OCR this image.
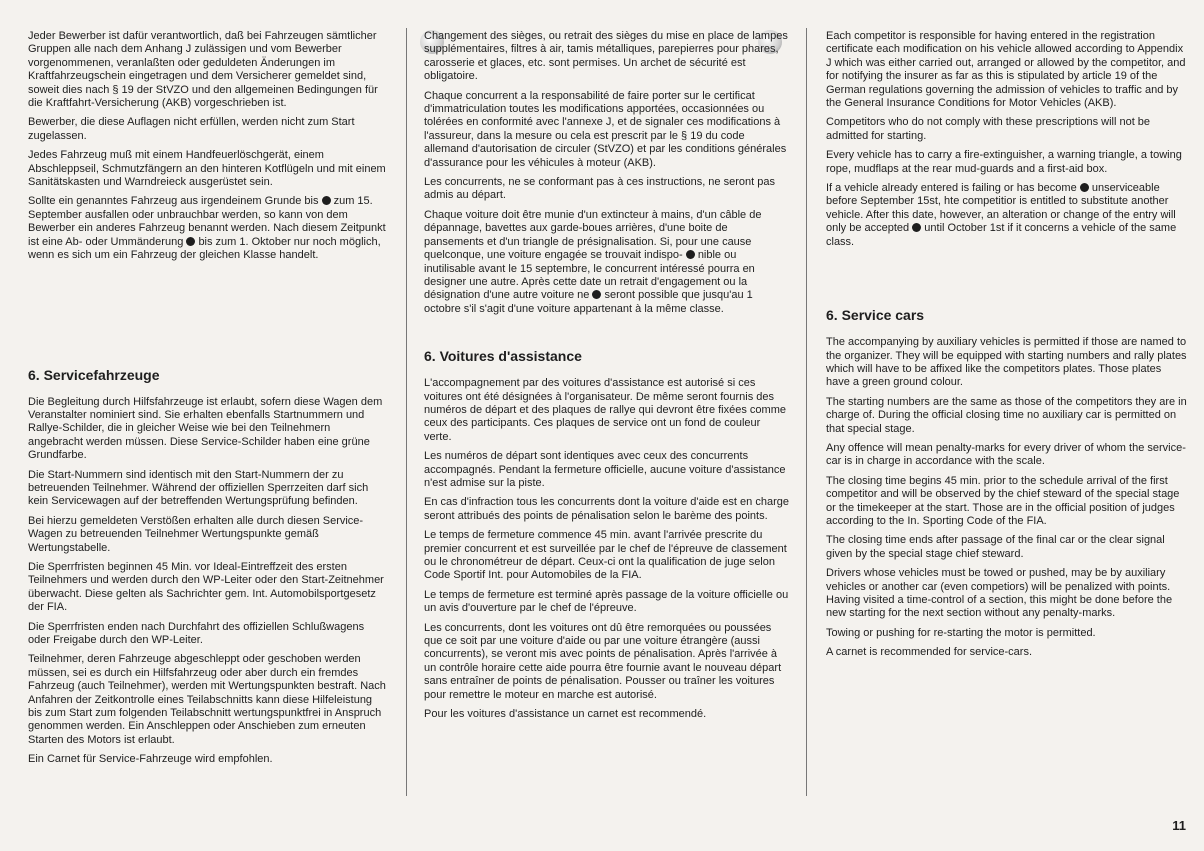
Jeder Bewerber ist dafür verantwortlich, daß bei Fahrzeugen sämtlicher Gruppen alle nach dem Anhang J zulässigen und vom Bewerber vorgenommenen, veranlaßten oder geduldeten Änderungen im Kraftfahrzeugschein eingetragen und dem Versicherer gemeldet sind, soweit dies nach § 19 der StVZO und den allgemeinen Bedingungen für die Kraftfahrt-Versicherung (AKB) vorgeschrieben ist.

Bewerber, die diese Auflagen nicht erfüllen, werden nicht zum Start zugelassen.

Jedes Fahrzeug muß mit einem Handfeuerlöschgerät, einem Abschleppseil, Schmutzfängern an den hinteren Kotflügeln und mit einem Sanitätskasten und Warndreieck ausgerüstet sein.

Sollte ein genanntes Fahrzeug aus irgendeinem Grunde bis zum 15. September ausfallen oder unbrauchbar werden, so kann von dem Bewerber ein anderes Fahrzeug benannt werden. Nach diesem Zeitpunkt ist eine Ab- oder Ummänderung bis zum 1. Oktober nur noch möglich, wenn es sich um ein Fahrzeug der gleichen Klasse handelt.

6. Servicefahrzeuge

Die Begleitung durch Hilfsfahrzeuge ist erlaubt, sofern diese Wagen dem Veranstalter nominiert sind. Sie erhalten ebenfalls Startnummern und Rallye-Schilder, die in gleicher Weise wie bei den Teilnehmern angebracht werden müssen. Diese Service-Schilder haben eine grüne Grundfarbe.

Die Start-Nummern sind identisch mit den Start-Nummern der zu betreuenden Teilnehmer. Während der offiziellen Sperrzeiten darf sich kein Servicewagen auf der betreffenden Wertungsprüfung befinden.

Bei hierzu gemeldeten Verstößen erhalten alle durch diesen Service-Wagen zu betreuenden Teilnehmer Wertungspunkte gemäß Wertungstabelle.

Die Sperrfristen beginnen 45 Min. vor Ideal-Eintreffzeit des ersten Teilnehmers und werden durch den WP-Leiter oder den Start-Zeitnehmer überwacht. Diese gelten als Sachrichter gem. Int. Automobilsportgesetz der FIA.

Die Sperrfristen enden nach Durchfahrt des offiziellen Schlußwagens oder Freigabe durch den WP-Leiter.

Teilnehmer, deren Fahrzeuge abgeschleppt oder geschoben werden müssen, sei es durch ein Hilfsfahrzeug oder aber durch ein fremdes Fahrzeug (auch Teilnehmer), werden mit Wertungspunkten bestraft. Nach Anfahren der Zeitkontrolle eines Teilabschnitts kann diese Hilfeleistung bis zum Start zum folgenden Teilabschnitt wertungspunktfrei in Anspruch genommen werden. Ein Anschleppen oder Anschieben zum erneuten Starten des Motors ist erlaubt.

Ein Carnet für Service-Fahrzeuge wird empfohlen.

Changement des sièges, ou retrait des sièges du mise en place de lampes supplémentaires, filtres à air, tamis métalliques, parepierres pour phares, carosserie et glaces, etc. sont permises. Un archet de sécurité est obligatoire.

Chaque concurrent a la responsabilité de faire porter sur le certificat d'immatriculation toutes les modifications apportées, occasionnées ou tolérées en conformité avec l'annexe J, et de signaler ces modifications à l'assureur, dans la mesure ou cela est prescrit par le § 19 du code allemand d'autorisation de circuler (StVZO) et par les conditions générales d'assurance pour les véhicules à moteur (AKB).

Les concurrents, ne se conformant pas à ces instructions, ne seront pas admis au départ.

Chaque voiture doit être munie d'un extincteur à mains, d'un câble de dépannage, bavettes aux garde-boues arrières, d'une boite de pansements et d'un triangle de présignalisation. Si, pour une cause quelconque, une voiture engagée se trouvait indispo- nible ou inutilisable avant le 15 septembre, le concurrent intéressé pourra en designer une autre. Après cette date un retrait d'engagement ou la désignation d'une autre voiture ne seront possible que jusqu'au 1 octobre s'il s'agit d'une voiture appartenant à la même classe.

6. Voitures d'assistance

L'accompagnement par des voitures d'assistance est autorisé si ces voitures ont été désignées à l'organisateur. De même seront fournis des numéros de départ et des plaques de rallye qui devront être fixées comme ceux des participants. Ces plaques de service ont un fond de couleur verte.

Les numéros de départ sont identiques avec ceux des concurrents accompagnés. Pendant la fermeture officielle, aucune voiture d'assistance n'est admise sur la piste.

En cas d'infraction tous les concurrents dont la voiture d'aide est en charge seront attribués des points de pénalisation selon le barème des points.

Le temps de fermeture commence 45 min. avant l'arrivée prescrite du premier concurrent et est surveillée par le chef de l'épreuve de classement ou le chronométreur de départ. Ceux-ci ont la qualification de juge selon Code Sportif Int. pour Automobiles de la FIA.

Le temps de fermeture est terminé après passage de la voiture officielle ou un avis d'ouverture par le chef de l'épreuve.

Les concurrents, dont les voitures ont dû être remorquées ou poussées que ce soit par une voiture d'aide ou par une voiture étrangère (aussi concurrents), se veront mis avec points de pénalisation. Après l'arrivée à un contrôle horaire cette aide pourra être fournie avant le nouveau départ sans entraîner de points de pénalisation. Pousser ou traîner les voitures pour remettre le moteur en marche est autorisé.

Pour les voitures d'assistance un carnet est recommendé.

Each competitor is responsible for having entered in the registration certificate each modification on his vehicle allowed according to Appendix J which was either carried out, arranged or allowed by the competitor, and for notifying the insurer as far as this is stipulated by article 19 of the German regulations governing the admission of vehicles to traffic and by the General Insurance Conditions for Motor Vehicles (AKB).

Competitors who do not comply with these prescriptions will not be admitted for starting.

Every vehicle has to carry a fire-extinguisher, a warning triangle, a towing rope, mudflaps at the rear mud-guards and a first-aid box.

If a vehicle already entered is failing or has become unserviceable before September 15st, hte competitior is entitled to substitute another vehicle. After this date, however, an alteration or change of the entry will only be accepted until October 1st if it concerns a vehicle of the same class.

6. Service cars

The accompanying by auxiliary vehicles is permitted if those are named to the organizer. They will be equipped with starting numbers and rally plates which will have to be affixed like the competitors plates. Those plates have a green ground colour.

The starting numbers are the same as those of the competitors they are in charge of. During the official closing time no auxiliary car is permitted on that special stage.

Any offence will mean penalty-marks for every driver of whom the service-car is in charge in accordance with the scale.

The closing time begins 45 min. prior to the schedule arrival of the first competitor and will be observed by the chief steward of the special stage or the timekeeper at the start. Those are in the official position of judges according to the In. Sporting Code of the FIA.

The closing time ends after passage of the final car or the clear signal given by the special stage chief steward.

Drivers whose vehicles must be towed or pushed, may be by auxiliary vehicles or another car (even competiors) will be penalized with points. Having visited a time-control of a section, this might be done before the new starting for the next section without any penalty-marks.

Towing or pushing for re-starting the motor is permitted.

A carnet is recommended for service-cars.

11
